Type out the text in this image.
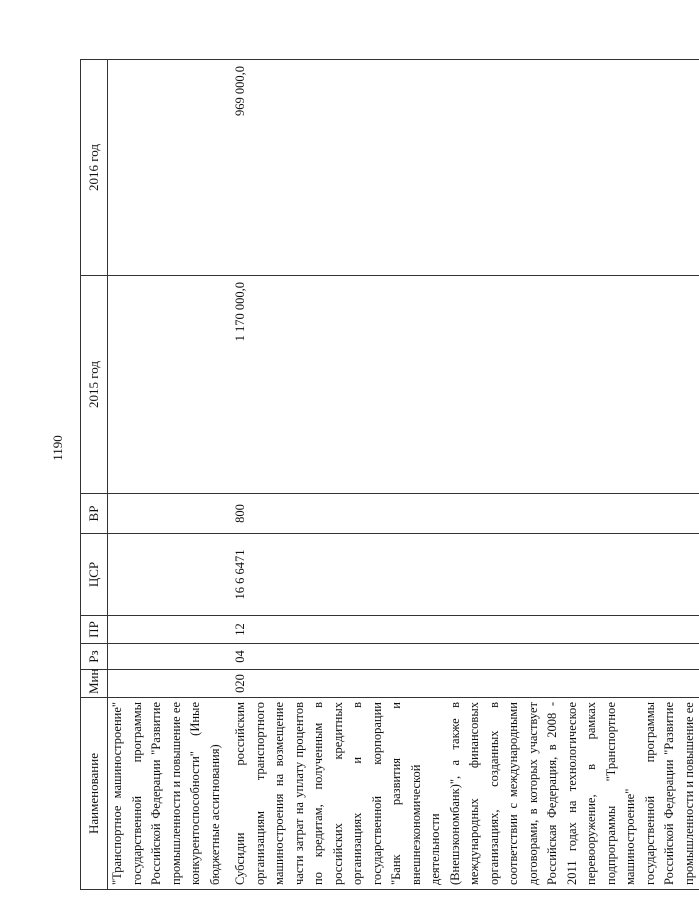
1190
Наименование	Мин	Рз	ПР	ЦСР	ВР	2015 год	2016 год
"Транспортное машиностроение" государственной программы Российской Федерации "Развитие промышленности и повышение ее конкурентоспособности" (Иные бюджетные ассигнования)							
Субсидии российским организациям транспортного машиностроения на возмещение части затрат на уплату процентов по кредитам, полученным в российских кредитных организациях и в государственной корпорации "Банк развития и внешнеэкономической деятельности (Внешэкономбанк)", а также в международных финансовых организациях, созданных в соответствии с международными договорами, в которых участвует Российская Федерация, в 2008 - 2011 годах на технологическое перевооружение, в рамках подпрограммы "Транспортное машиностроение" государственной программы Российской Федерации "Развитие промышленности и повышение ее	020	04	12	16 6 6471	800	1 170 000,0	969 000,0
